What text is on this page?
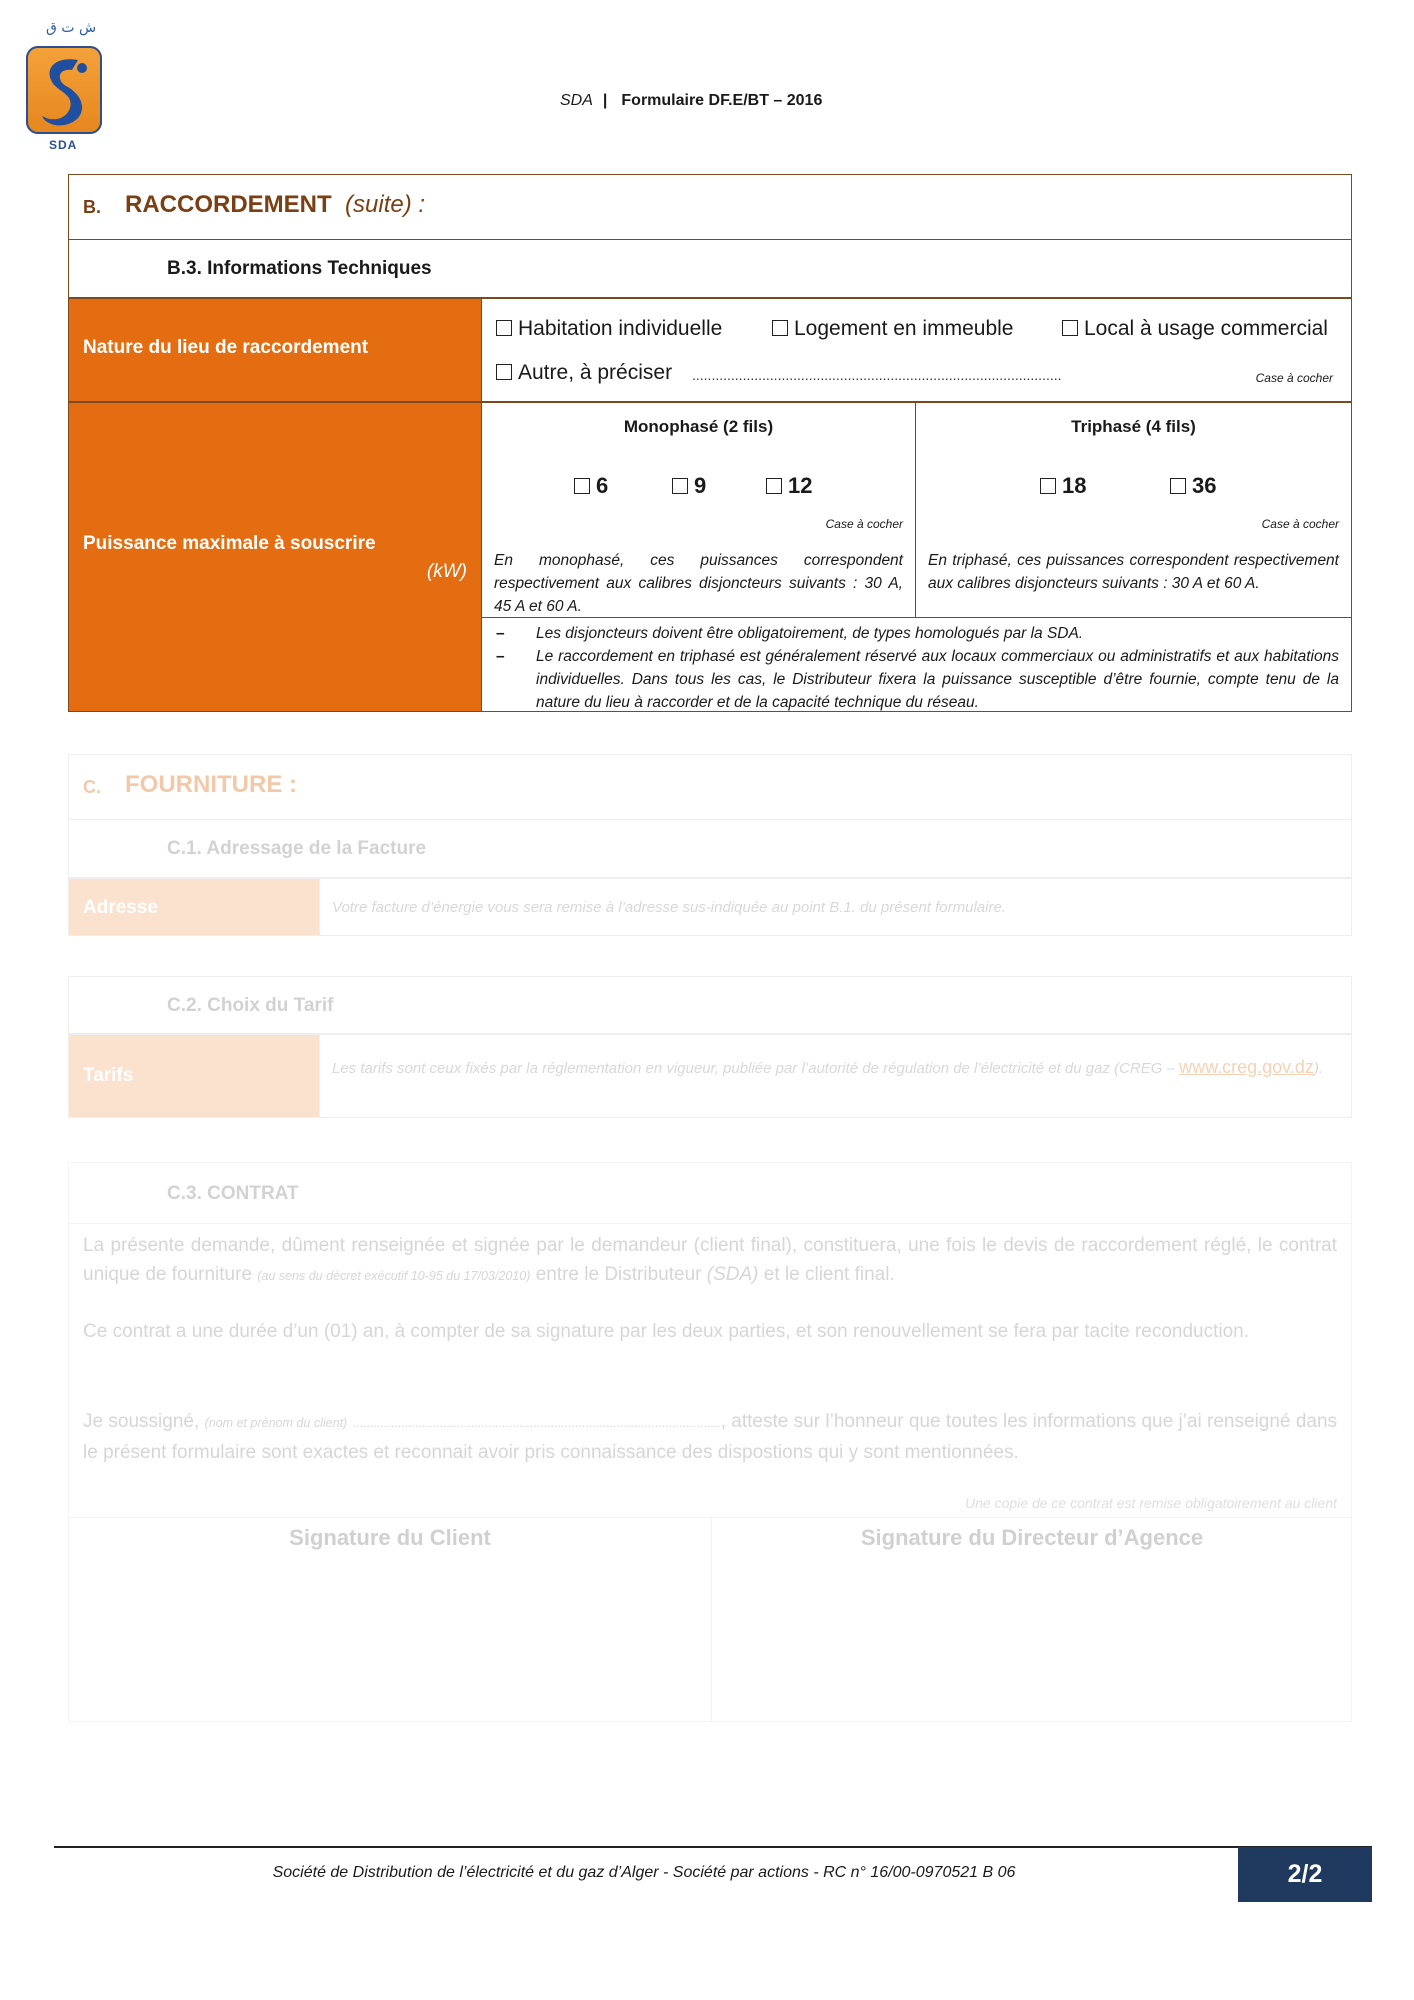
ش ت ق
SDA
SDA | Formulaire DF.E/BT – 2016
B. RACCORDEMENT (suite) :
B.3. Informations Techniques
Nature du lieu de raccordement
Habitation individuelle	Logement en immeuble	Local à usage commercial
Autre, à préciser ...............................................................................................	Case à cocher
Puissance maximale à souscrire
(kW)
Monophasé (2 fils)
6	9	12
Case à cocher
En monophasé, ces puissances correspondent respectivement aux calibres disjoncteurs suivants : 30 A, 45 A et 60 A.
Triphasé (4 fils)
18	36
Case à cocher
En triphasé, ces puissances correspondent respectivement aux calibres disjoncteurs suivants : 30 A et 60 A.
– Les disjoncteurs doivent être obligatoirement, de types homologués par la SDA.
– Le raccordement en triphasé est généralement réservé aux locaux commerciaux ou administratifs et aux habitations individuelles. Dans tous les cas, le Distributeur fixera la puissance susceptible d’être fournie, compte tenu de la nature du lieu à raccorder et de la capacité technique du réseau.
C. FOURNITURE :
C.1. Adressage de la Facture
Adresse	Votre facture d’énergie vous sera remise à l’adresse sus-indiquée au point B.1. du présent formulaire.
C.2. Choix du Tarif
Tarifs	Les tarifs sont ceux fixés par la réglementation en vigueur, publiée par l’autorité de régulation de l’électricité et du gaz (CREG – www.creg.gov.dz).
C.3. CONTRAT
La présente demande, dûment renseignée et signée par le demandeur (client final), constituera, une fois le devis de raccordement réglé, le contrat unique de fourniture (au sens du décret exécutif 10-95 du 17/03/2010) entre le Distributeur (SDA) et le client final.
Ce contrat a une durée d’un (01) an, à compter de sa signature par les deux parties, et son renouvellement se fera par tacite reconduction.
Je soussigné, (nom et prénom du client) .........................................................................................................., atteste sur l’honneur que toutes les informations que j’ai renseigné dans le présent formulaire sont exactes et reconnait avoir pris connaissance des dispostions qui y sont mentionnées.
Une copie de ce contrat est remise obligatoirement au client
Signature du Client	Signature du Directeur d’Agence
Société de Distribution de l’électricité et du gaz d’Alger - Société par actions - RC n° 16/00-0970521 B 06	2/2
